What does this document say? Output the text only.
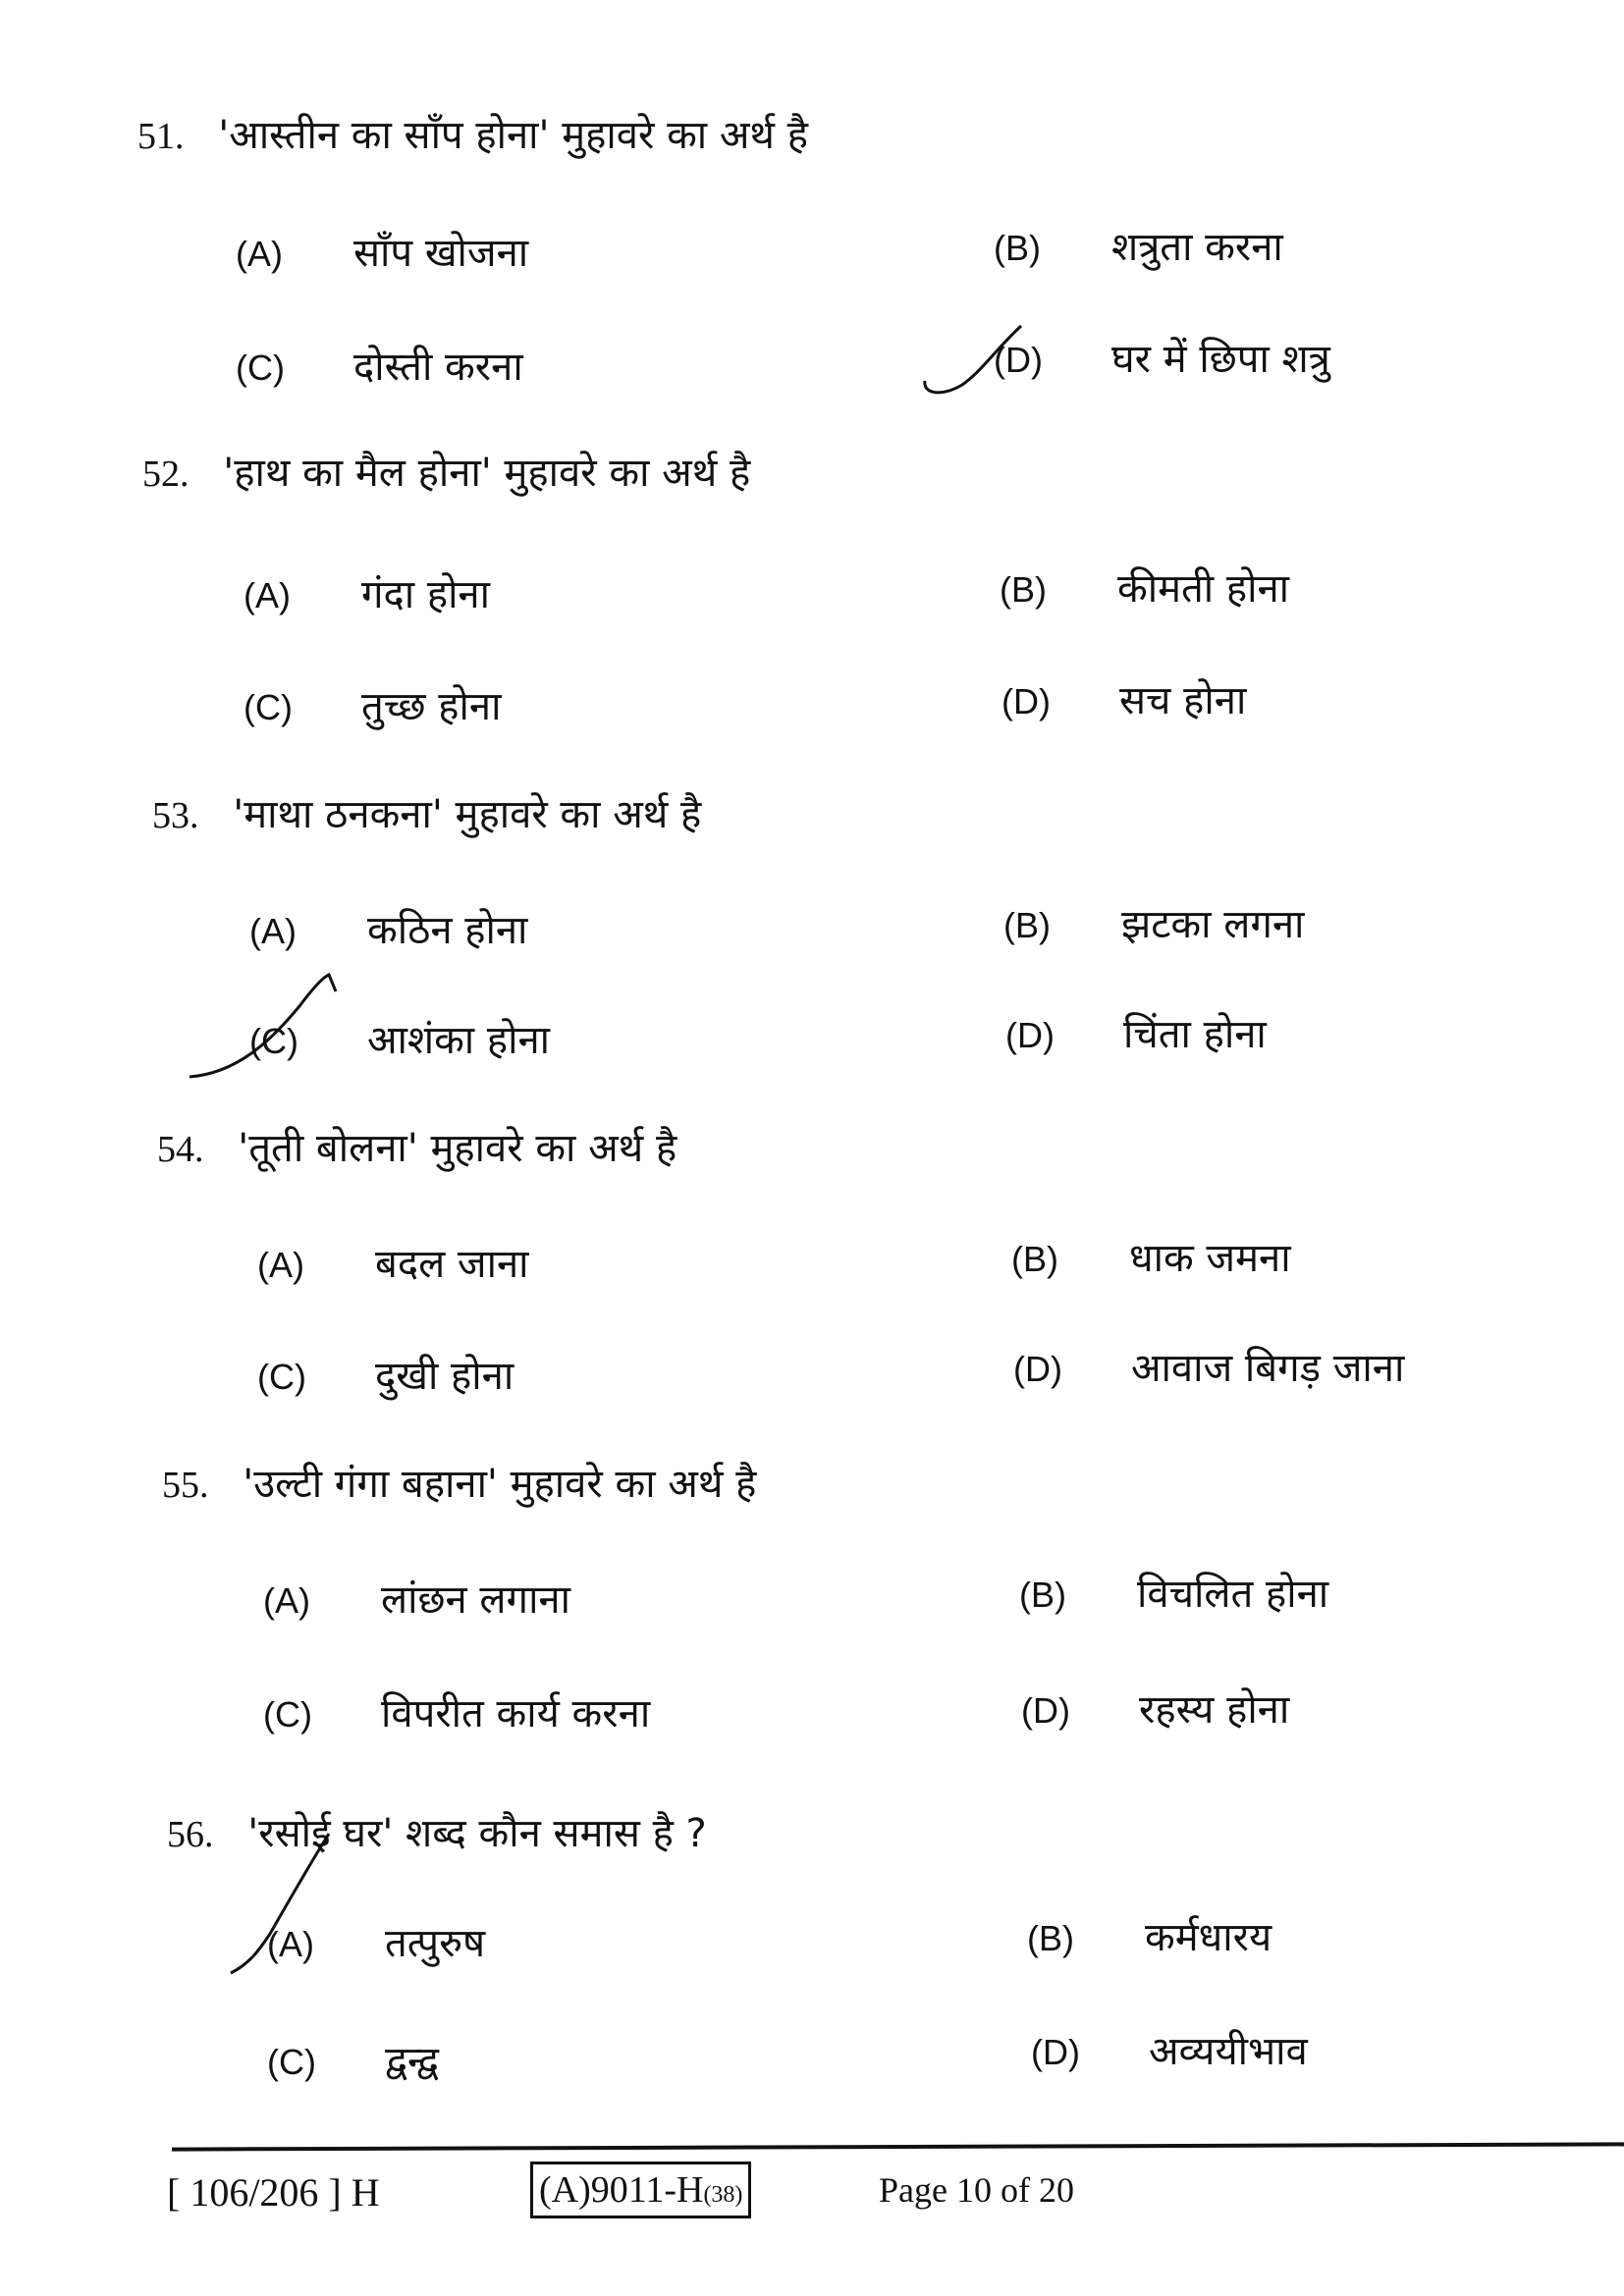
51. 'आस्तीन का साँप होना' मुहावरे का अर्थ है
(A) साँप खोजना	(B) शत्रुता करना
(C) दोस्ती करना	(D) घर में छिपा शत्रु
52. 'हाथ का मैल होना' मुहावरे का अर्थ है
(A) गंदा होना	(B) कीमती होना
(C) तुच्छ होना	(D) सच होना
53. 'माथा ठनकना' मुहावरे का अर्थ है
(A) कठिन होना	(B) झटका लगना
(C) आशंका होना	(D) चिंता होना
54. 'तूती बोलना' मुहावरे का अर्थ है
(A) बदल जाना	(B) धाक जमना
(C) दुखी होना	(D) आवाज बिगड़ जाना
55. 'उल्टी गंगा बहाना' मुहावरे का अर्थ है
(A) लांछन लगाना	(B) विचलित होना
(C) विपरीत कार्य करना	(D) रहस्य होना
56. 'रसोई घर' शब्द कौन समास है ?
(A) तत्पुरुष	(B) कर्मधारय
(C) द्वन्द्व	(D) अव्ययीभाव
[ 106/206 ] H	(A)9011-H(38)	Page 10 of 20
